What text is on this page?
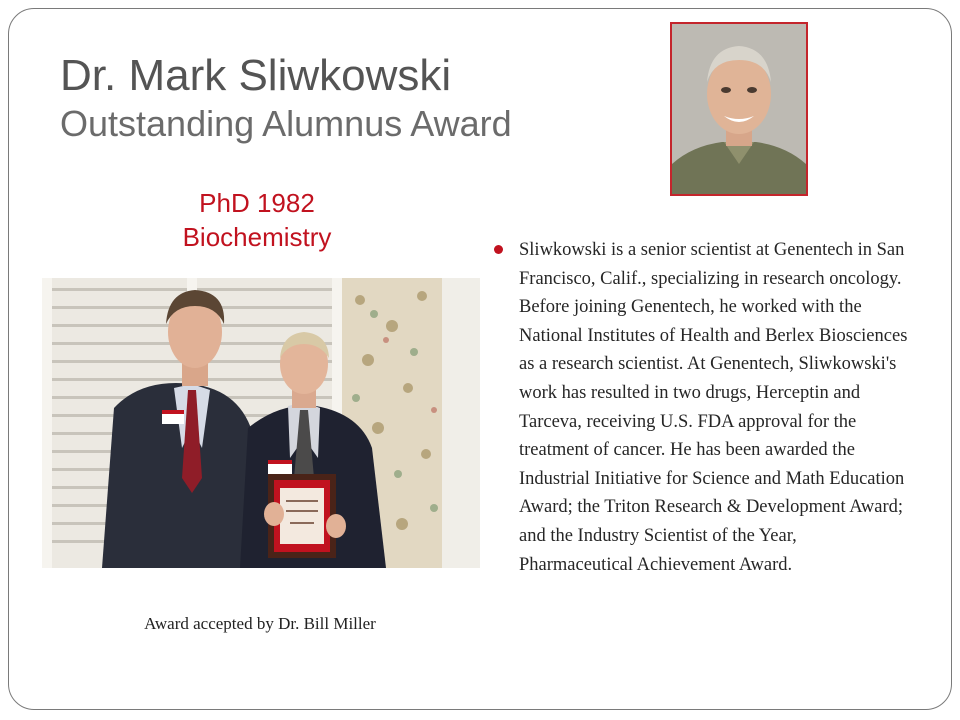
Dr. Mark Sliwkowski
Outstanding Alumnus Award
PhD 1982
Biochemistry
Award accepted by Dr. Bill Miller
Sliwkowski is a senior scientist at Genentech in San Francisco, Calif., specializing in research oncology. Before joining Genentech, he worked with the National Institutes of Health and Berlex Biosciences as a research scientist. At Genentech, Sliwkowski's work has resulted in two drugs, Herceptin and Tarceva, receiving U.S. FDA approval for the treatment of cancer. He has been awarded the Industrial Initiative for Science and Math Education Award; the Triton Research & Development Award; and the Industry Scientist of the Year, Pharmaceutical Achievement Award.
